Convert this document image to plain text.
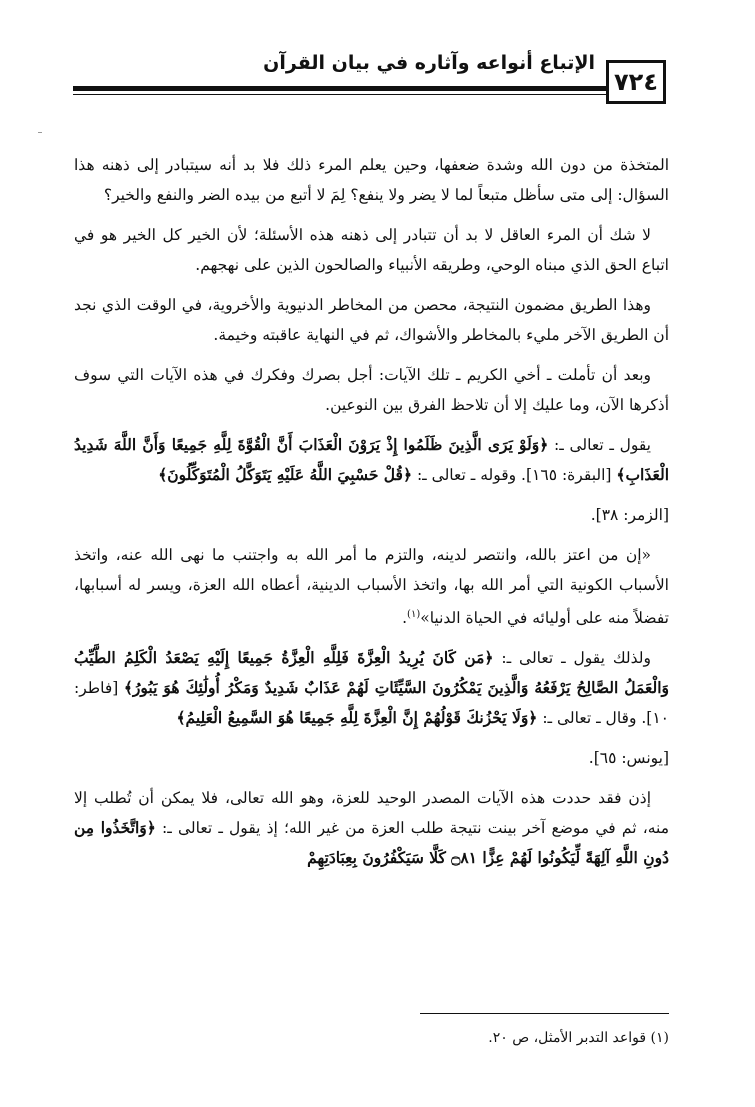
٧٢٤
الإتباع أنواعه وآثاره في بيان القرآن

المتخذة من دون الله وشدة ضعفها، وحين يعلم المرء ذلك فلا بد أنه سيتبادر إلى ذهنه هذا السؤال: إلى متى سأظل متبعاً لما لا يضر ولا ينفع؟ لِمَ لا أتبع من بيده الضر والنفع والخير؟

لا شك أن المرء العاقل لا بد أن تتبادر إلى ذهنه هذه الأسئلة؛ لأن الخير كل الخير هو في اتباع الحق الذي مبناه الوحي، وطريقه الأنبياء والصالحون الذين على نهجهم.

وهذا الطريق مضمون النتيجة، محصن من المخاطر الدنيوية والأخروية، في الوقت الذي نجد أن الطريق الآخر مليء بالمخاطر والأشواك، ثم في النهاية عاقبته وخيمة.

وبعد أن تأملت ـ أخي الكريم ـ تلك الآيات: أجل بصرك وفكرك في هذه الآيات التي سوف أذكرها الآن، وما عليك إلا أن تلاحظ الفرق بين النوعين.

يقول ـ تعالى ـ: ﴿وَلَوْ يَرَى الَّذِينَ ظَلَمُوا إِذْ يَرَوْنَ الْعَذَابَ أَنَّ الْقُوَّةَ لِلَّهِ جَمِيعًا وَأَنَّ اللَّهَ شَدِيدُ الْعَذَابِ﴾ [البقرة: ١٦٥]. وقوله ـ تعالى ـ: ﴿قُلْ حَسْبِيَ اللَّهُ عَلَيْهِ يَتَوَكَّلُ الْمُتَوَكِّلُونَ﴾

[الزمر: ٣٨].

«إن من اعتز بالله، وانتصر لدينه، والتزم ما أمر الله به واجتنب ما نهى الله عنه، واتخذ الأسباب الكونية التي أمر الله بها، واتخذ الأسباب الدينية، أعطاه الله العزة، ويسر له أسبابها، تفضلاً منه على أوليائه في الحياة الدنيا»$^{(١)}$.

ولذلك يقول ـ تعالى ـ: ﴿مَن كَانَ يُرِيدُ الْعِزَّةَ فَلِلَّهِ الْعِزَّةُ جَمِيعًا إِلَيْهِ يَصْعَدُ الْكَلِمُ الطَّيِّبُ وَالْعَمَلُ الصَّالِحُ يَرْفَعُهُ وَالَّذِينَ يَمْكُرُونَ السَّيِّئَاتِ لَهُمْ عَذَابٌ شَدِيدٌ وَمَكْرُ أُولَٰئِكَ هُوَ يَبُورُ﴾ [فاطر: ١٠]. وقال ـ تعالى ـ: ﴿وَلَا يَحْزُنكَ قَوْلُهُمْ إِنَّ الْعِزَّةَ لِلَّهِ جَمِيعًا هُوَ السَّمِيعُ الْعَلِيمُ﴾

[يونس: ٦٥].

إذن فقد حددت هذه الآيات المصدر الوحيد للعزة، وهو الله تعالى، فلا يمكن أن تُطلب إلا منه، ثم في موضع آخر بينت نتيجة طلب العزة من غير الله؛ إذ يقول ـ تعالى ـ: ﴿وَاتَّخَذُوا مِن دُونِ اللَّهِ آلِهَةً لِّيَكُونُوا لَهُمْ عِزًّا ۝٨١ كَلَّا سَيَكْفُرُونَ بِعِبَادَتِهِمْ

(١) قواعد التدبر الأمثل، ص ٢٠.
